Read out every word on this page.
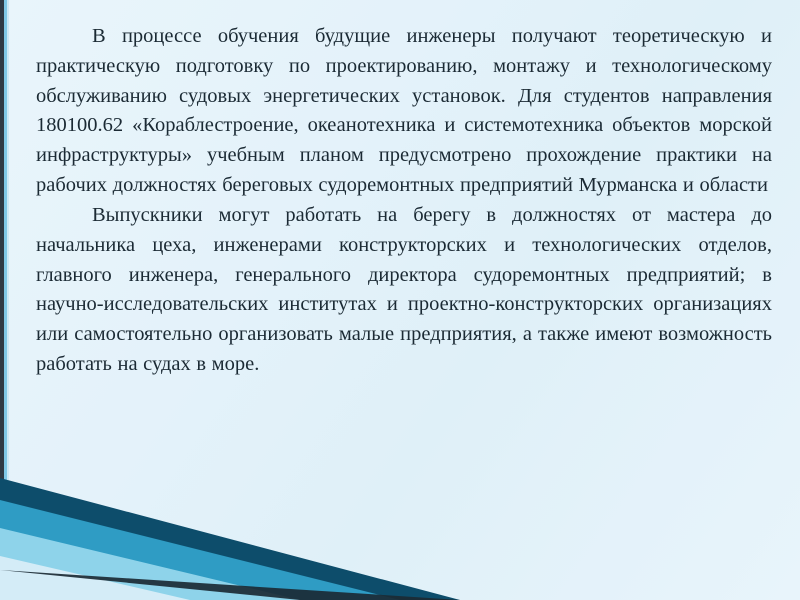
В процессе обучения будущие инженеры получают теоретическую и практическую подготовку по проектированию, монтажу и технологическому обслуживанию судовых энергетических установок. Для студентов направления 180100.62 «Кораблестроение, океанотехника и системотехника объектов морской инфраструктуры» учебным планом предусмотрено прохождение практики на рабочих должностях береговых судоремонтных предприятий Мурманска и области

Выпускники могут работать на берегу в должностях от мастера до начальника цеха, инженерами конструкторских и технологических отделов, главного инженера, генерального директора судоремонтных предприятий; в научно-исследовательских институтах и проектно-конструкторских организациях или самостоятельно организовать малые предприятия, а также имеют возможность работать на судах в море.
